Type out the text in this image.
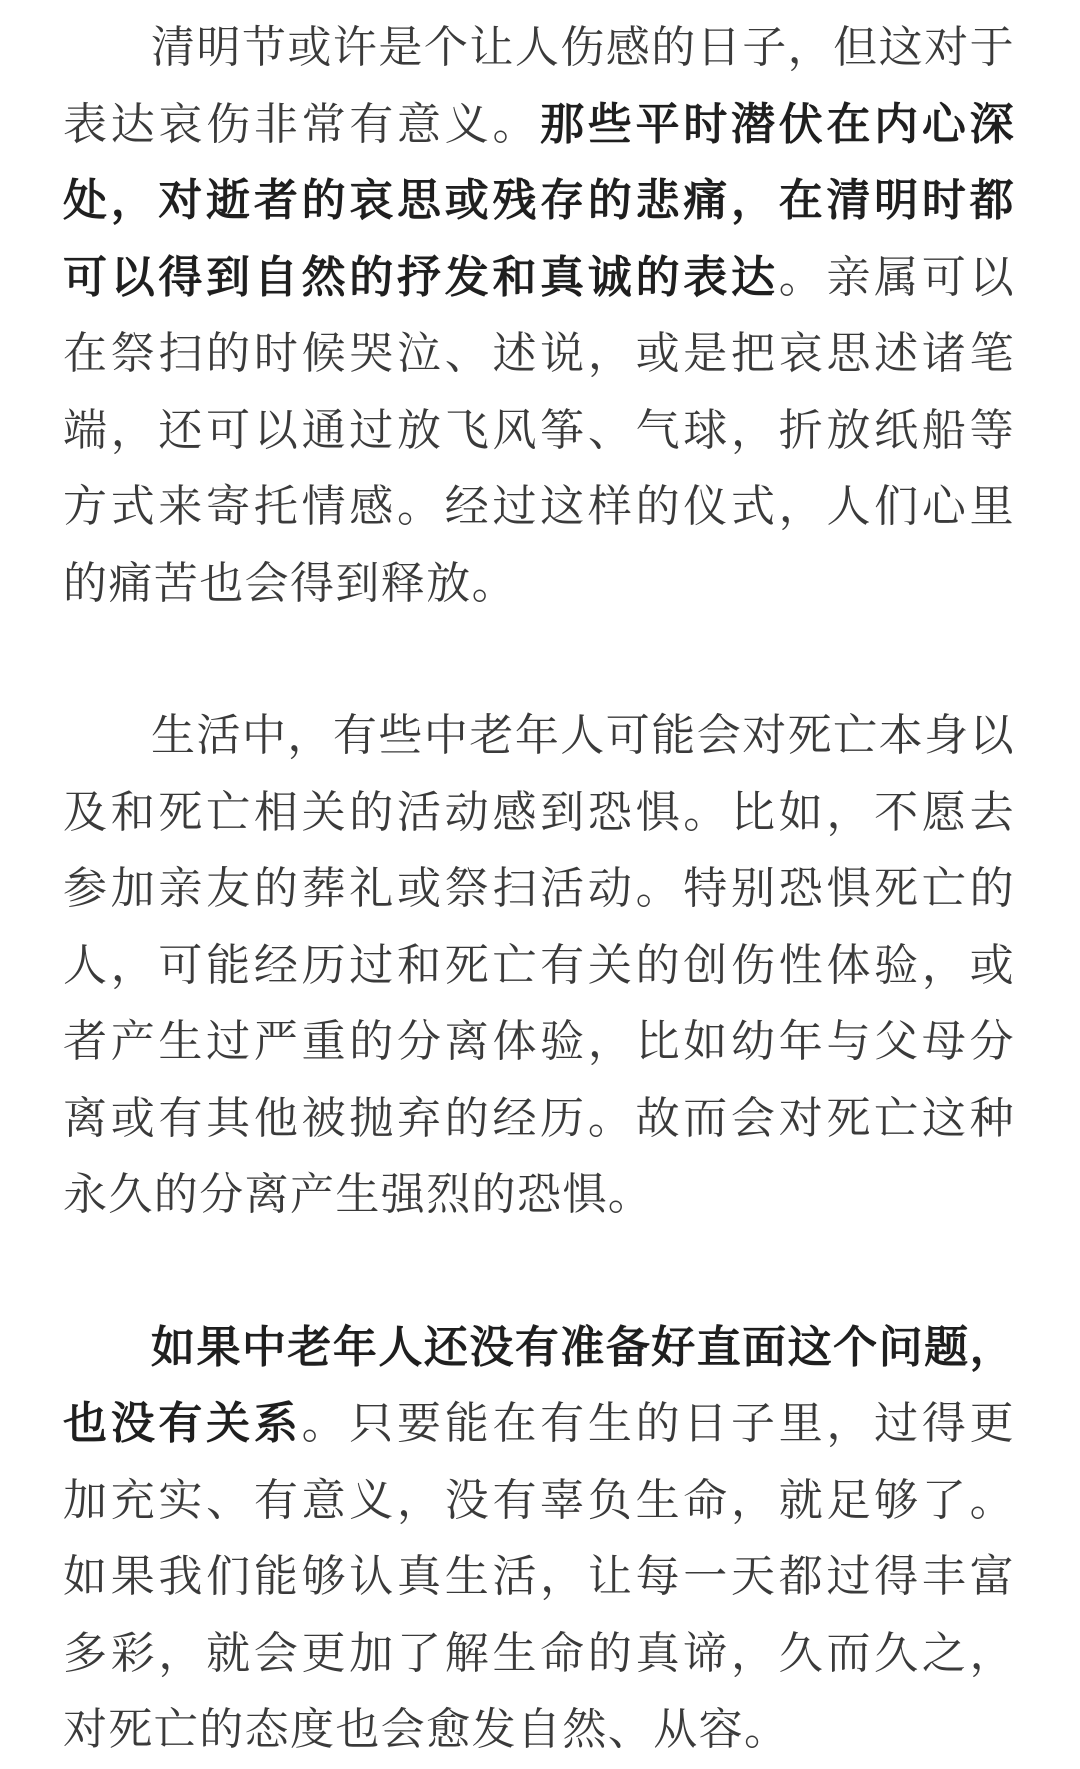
清明节或许是个让人伤感的日子，但这对于表达哀伤非常有意义。那些平时潜伏在内心深处，对逝者的哀思或残存的悲痛，在清明时都可以得到自然的抒发和真诚的表达。亲属可以在祭扫的时候哭泣、述说，或是把哀思述诸笔端，还可以通过放飞风筝、气球，折放纸船等方式来寄托情感。经过这样的仪式，人们心里的痛苦也会得到释放。

生活中，有些中老年人可能会对死亡本身以及和死亡相关的活动感到恐惧。比如，不愿去参加亲友的葬礼或祭扫活动。特别恐惧死亡的人，可能经历过和死亡有关的创伤性体验，或者产生过严重的分离体验，比如幼年与父母分离或有其他被抛弃的经历。故而会对死亡这种永久的分离产生强烈的恐惧。

如果中老年人还没有准备好直面这个问题，也没有关系。只要能在有生的日子里，过得更加充实、有意义，没有辜负生命，就足够了。如果我们能够认真生活，让每一天都过得丰富多彩，就会更加了解生命的真谛，久而久之，对死亡的态度也会愈发自然、从容。
